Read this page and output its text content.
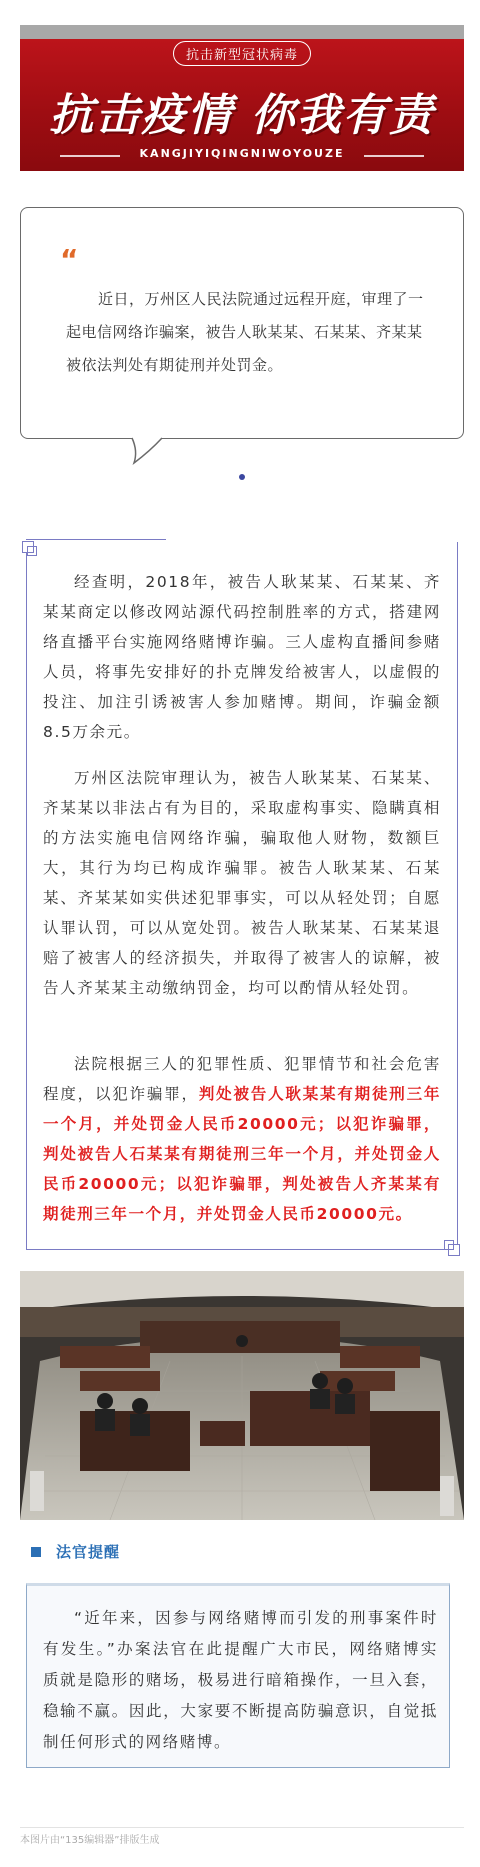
抗击新型冠状病毒
抗击疫情 你我有责
KANGJIYIQINGNIWOYOUZE
“
近日，万州区人民法院通过远程开庭，审理了一起电信网络诈骗案，被告人耿某某、石某某、齐某某被依法判处有期徒刑并处罚金。
经查明，2018年，被告人耿某某、石某某、齐某某商定以修改网站源代码控制胜率的方式，搭建网络直播平台实施网络赌博诈骗。三人虚构直播间参赌人员，将事先安排好的扑克牌发给被害人，以虚假的投注、加注引诱被害人参加赌博。期间，诈骗金额8.5万余元。
万州区法院审理认为，被告人耿某某、石某某、齐某某以非法占有为目的，采取虚构事实、隐瞒真相的方法实施电信网络诈骗，骗取他人财物，数额巨大，其行为均已构成诈骗罪。被告人耿某某、石某某、齐某某如实供述犯罪事实，可以从轻处罚；自愿认罪认罚，可以从宽处罚。被告人耿某某、石某某退赔了被害人的经济损失，并取得了被害人的谅解，被告人齐某某主动缴纳罚金，均可以酌情从轻处罚。
法院根据三人的犯罪性质、犯罪情节和社会危害程度，以犯诈骗罪，判处被告人耿某某有期徒刑三年一个月，并处罚金人民币20000元；以犯诈骗罪，判处被告人石某某有期徒刑三年一个月，并处罚金人民币20000元；以犯诈骗罪，判处被告人齐某某有期徒刑三年一个月，并处罚金人民币20000元。
法官提醒
“近年来，因参与网络赌博而引发的刑事案件时有发生。”办案法官在此提醒广大市民，网络赌博实质就是隐形的赌场，极易进行暗箱操作，一旦入套，稳输不赢。因此，大家要不断提高防骗意识，自觉抵制任何形式的网络赌博。
本图片由“135编辑器”排版生成
